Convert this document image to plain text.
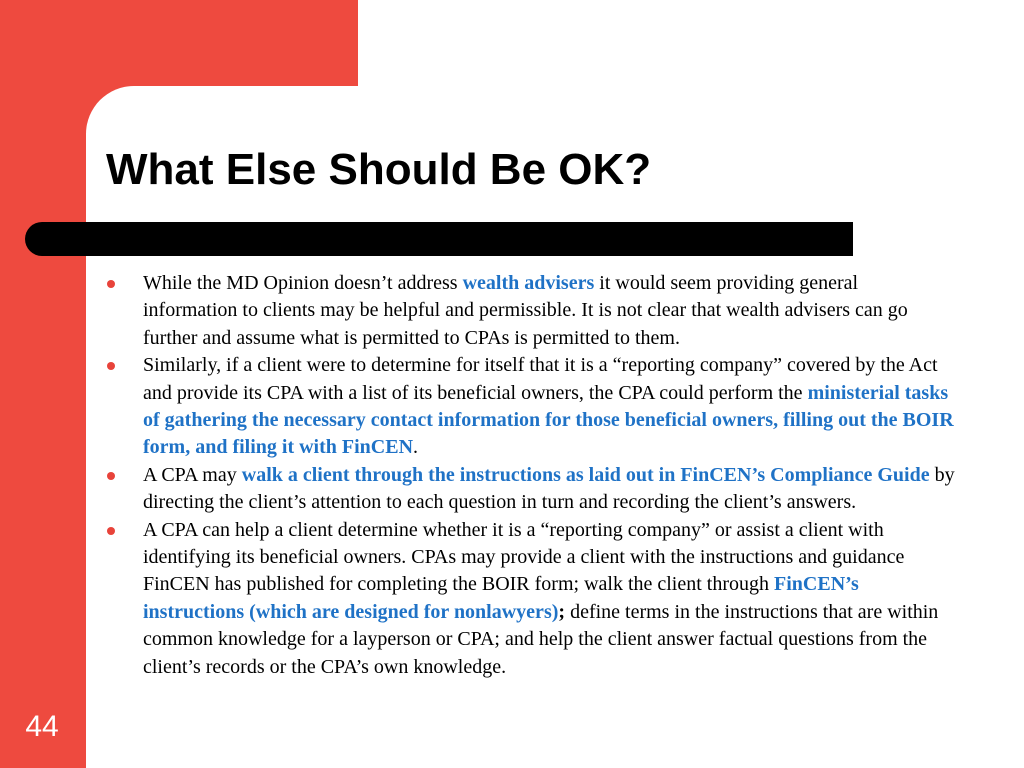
What Else Should Be OK?
While the MD Opinion doesn’t address wealth advisers it would seem providing general information to clients may be helpful and permissible. It is not clear that wealth advisers can go further and assume what is permitted to CPAs is permitted to them.
Similarly, if a client were to determine for itself that it is a “reporting company” covered by the Act and provide its CPA with a list of its beneficial owners, the CPA could perform the ministerial tasks of gathering the necessary contact information for those beneficial owners, filling out the BOIR form, and filing it with FinCEN.
A CPA may walk a client through the instructions as laid out in FinCEN’s Compliance Guide by directing the client’s attention to each question in turn and recording the client’s answers.
A CPA can help a client determine whether it is a “reporting company” or assist a client with identifying its beneficial owners. CPAs may provide a client with the instructions and guidance FinCEN has published for completing the BOIR form; walk the client through FinCEN’s instructions (which are designed for nonlawyers); define terms in the instructions that are within common knowledge for a layperson or CPA; and help the client answer factual questions from the client’s records or the CPA’s own knowledge.
44
